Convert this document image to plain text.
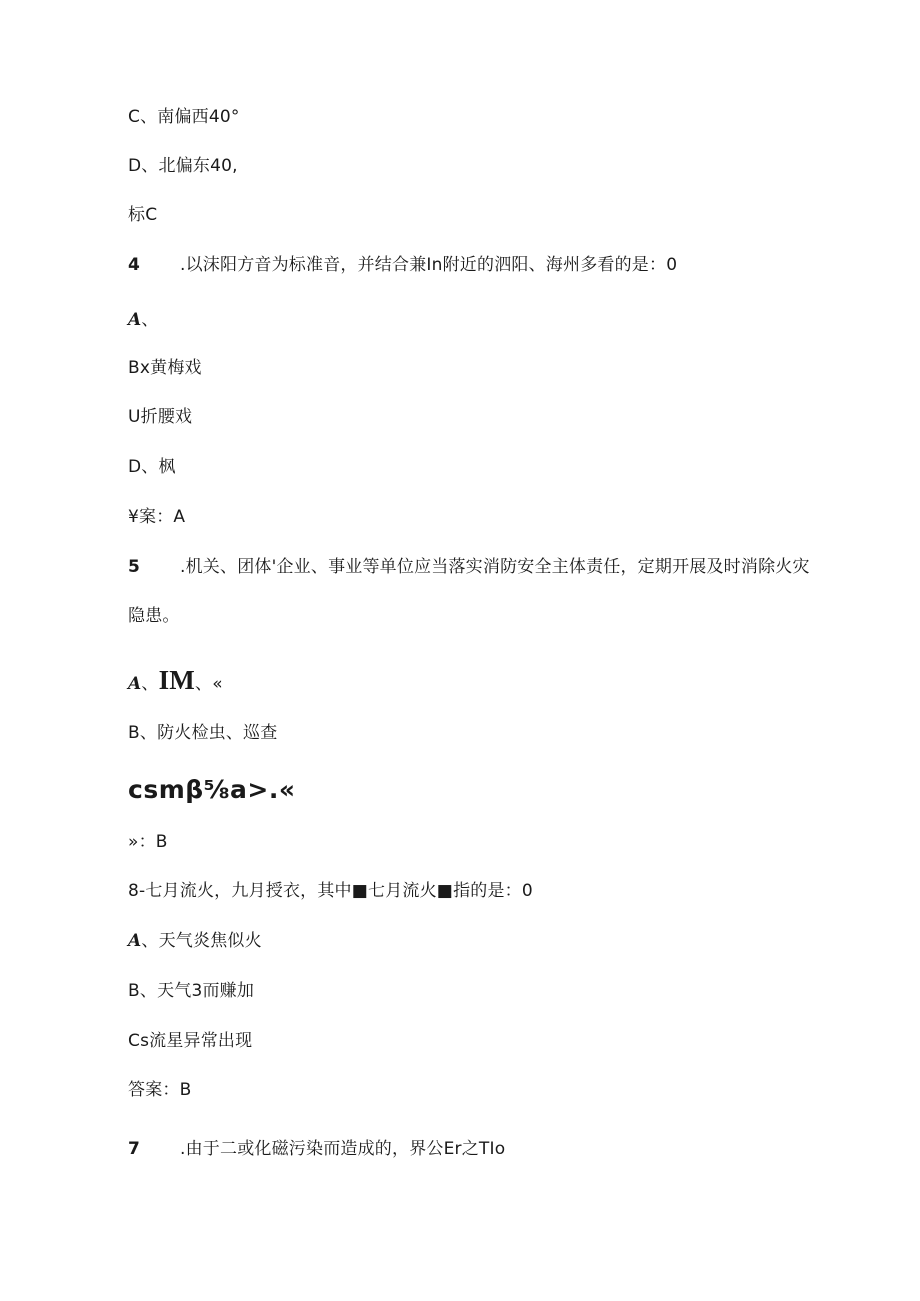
C、南偏西40°
D、北偏东40,
标C
4 .以沫阳方音为标准音，并结合兼In附近的泗阳、海州多看的是：0
A、
Bx黄梅戏
U折腰戏
D、枫
¥案：A
5 .机关、团体'企业、事业等单位应当落实消防安全主体责任，定期开展及时消除火灾
隐患。
A、IM、«
B、防火检虫、巡查
csmβ⅝a>.«
»：B
8-七月流火，九月授衣，其中■七月流火■指的是：0
A、天气炎焦似火
B、天气3而赚加
Cs流星异常出现
答案：B
7 .由于二或化磁污染而造成的，界公Er之TIo
